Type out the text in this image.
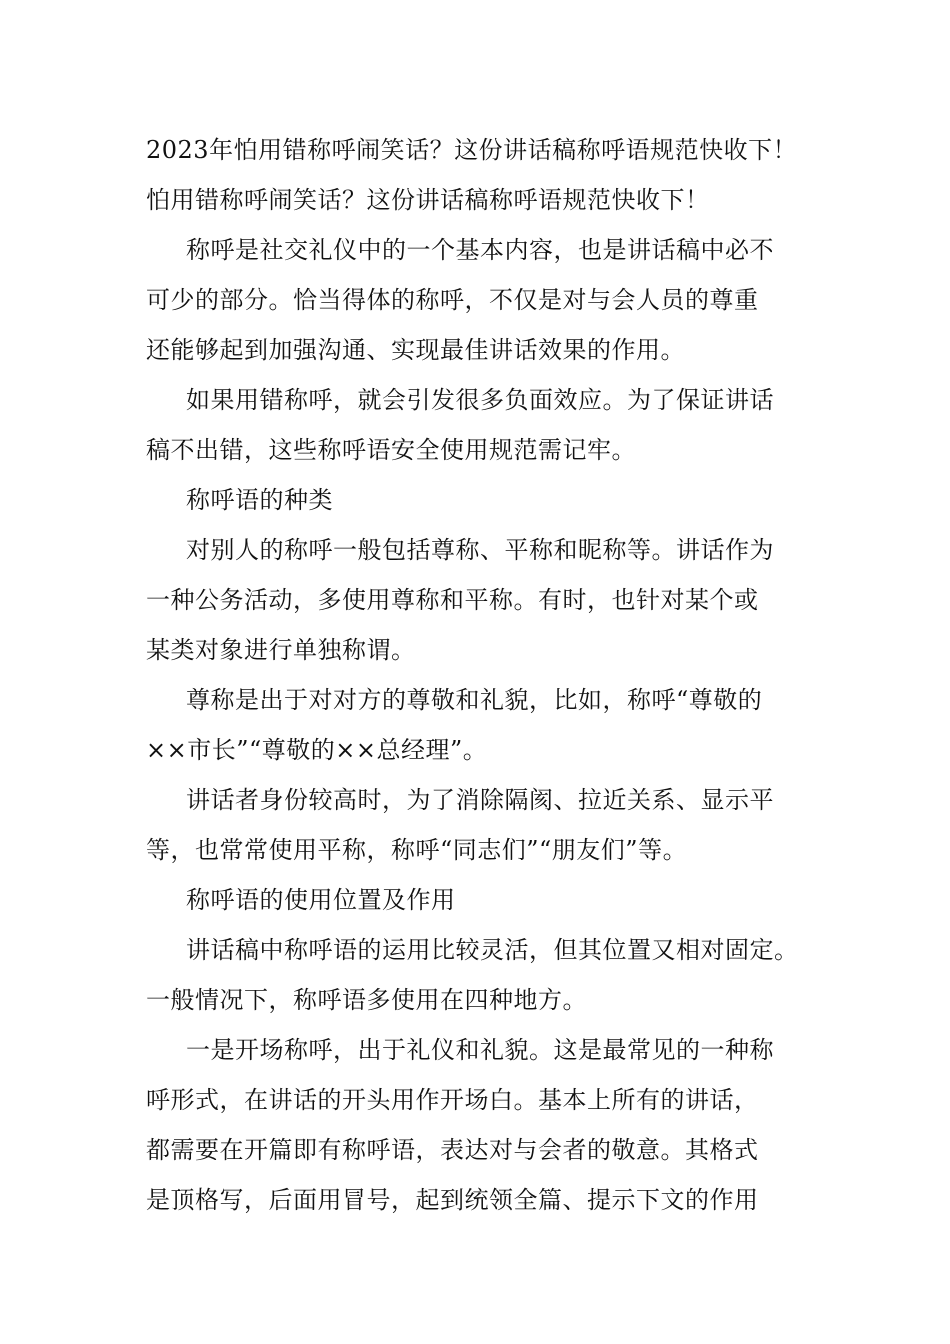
2023年怕用错称呼闹笑话？这份讲话稿称呼语规范快收下！
怕用错称呼闹笑话？这份讲话稿称呼语规范快收下！
称呼是社交礼仪中的一个基本内容，也是讲话稿中必不
可少的部分。恰当得体的称呼，不仅是对与会人员的尊重
还能够起到加强沟通、实现最佳讲话效果的作用。
如果用错称呼，就会引发很多负面效应。为了保证讲话
稿不出错，这些称呼语安全使用规范需记牢。
称呼语的种类
对别人的称呼一般包括尊称、平称和昵称等。讲话作为
一种公务活动，多使用尊称和平称。有时，也针对某个或
某类对象进行单独称谓。
尊称是出于对对方的尊敬和礼貌，比如，称呼“尊敬的
××市长”“尊敬的××总经理”。
讲话者身份较高时，为了消除隔阂、拉近关系、显示平
等，也常常使用平称，称呼“同志们”“朋友们”等。
称呼语的使用位置及作用
讲话稿中称呼语的运用比较灵活，但其位置又相对固定。
一般情况下，称呼语多使用在四种地方。
一是开场称呼，出于礼仪和礼貌。这是最常见的一种称
呼形式，在讲话的开头用作开场白。基本上所有的讲话，
都需要在开篇即有称呼语，表达对与会者的敬意。其格式
是顶格写，后面用冒号，起到统领全篇、提示下文的作用
